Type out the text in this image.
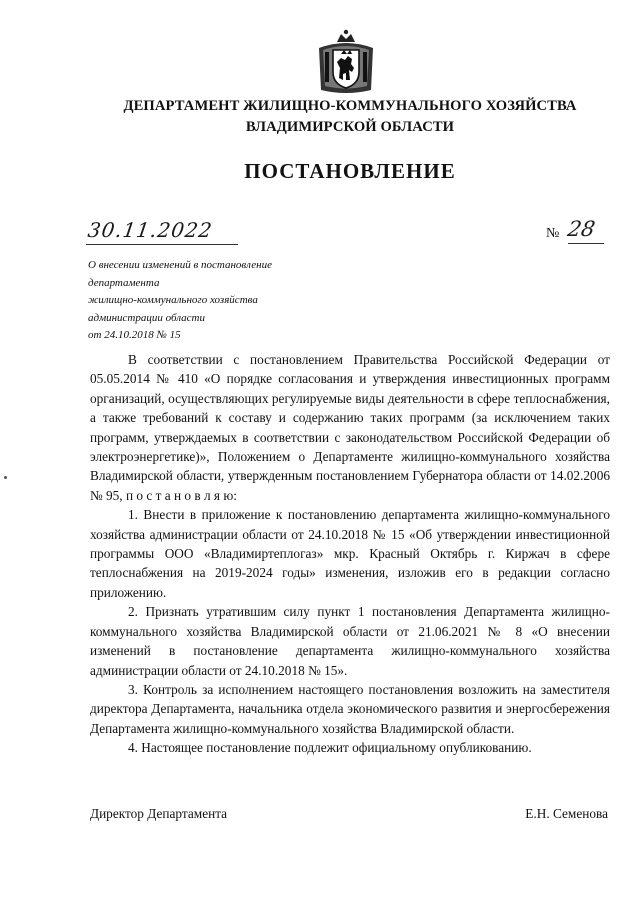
ДЕПАРТАМЕНТ ЖИЛИЩНО-КОММУНАЛЬНОГО ХОЗЯЙСТВА
ВЛАДИМИРСКОЙ ОБЛАСТИ
ПОСТАНОВЛЕНИЕ
30.11.2022	№ 28
О внесении изменений в постановление
департамента
жилищно-коммунального хозяйства
администрации области
от 24.10.2018 № 15

В соответствии с постановлением Правительства Российской Федерации от 05.05.2014 № 410 «О порядке согласования и утверждения инвестиционных программ организаций, осуществляющих регулируемые виды деятельности в сфере теплоснабжения, а также требований к составу и содержанию таких программ (за исключением таких программ, утверждаемых в соответствии с законодательством Российской Федерации об электроэнергетике)», Положением о Департаменте жилищно-коммунального хозяйства Владимирской области, утвержденным постановлением Губернатора области от 14.02.2006 № 95, п о с т а н о в л я ю:

1. Внести в приложение к постановлению департамента жилищно-коммунального хозяйства администрации области от 24.10.2018 № 15 «Об утверждении инвестиционной программы ООО «Владимиртеплогаз» мкр. Красный Октябрь г. Киржач в сфере теплоснабжения на 2019-2024 годы» изменения, изложив его в редакции согласно приложению.

2. Признать утратившим силу пункт 1 постановления Департамента жилищно-коммунального хозяйства Владимирской области от 21.06.2021 № 8 «О внесении изменений в постановление департамента жилищно-коммунального хозяйства администрации области от 24.10.2018 № 15».

3. Контроль за исполнением настоящего постановления возложить на заместителя директора Департамента, начальника отдела экономического развития и энергосбережения Департамента жилищно-коммунального хозяйства Владимирской области.

4. Настоящее постановление подлежит официальному опубликованию.

Директор Департамента	Е.Н. Семенова
